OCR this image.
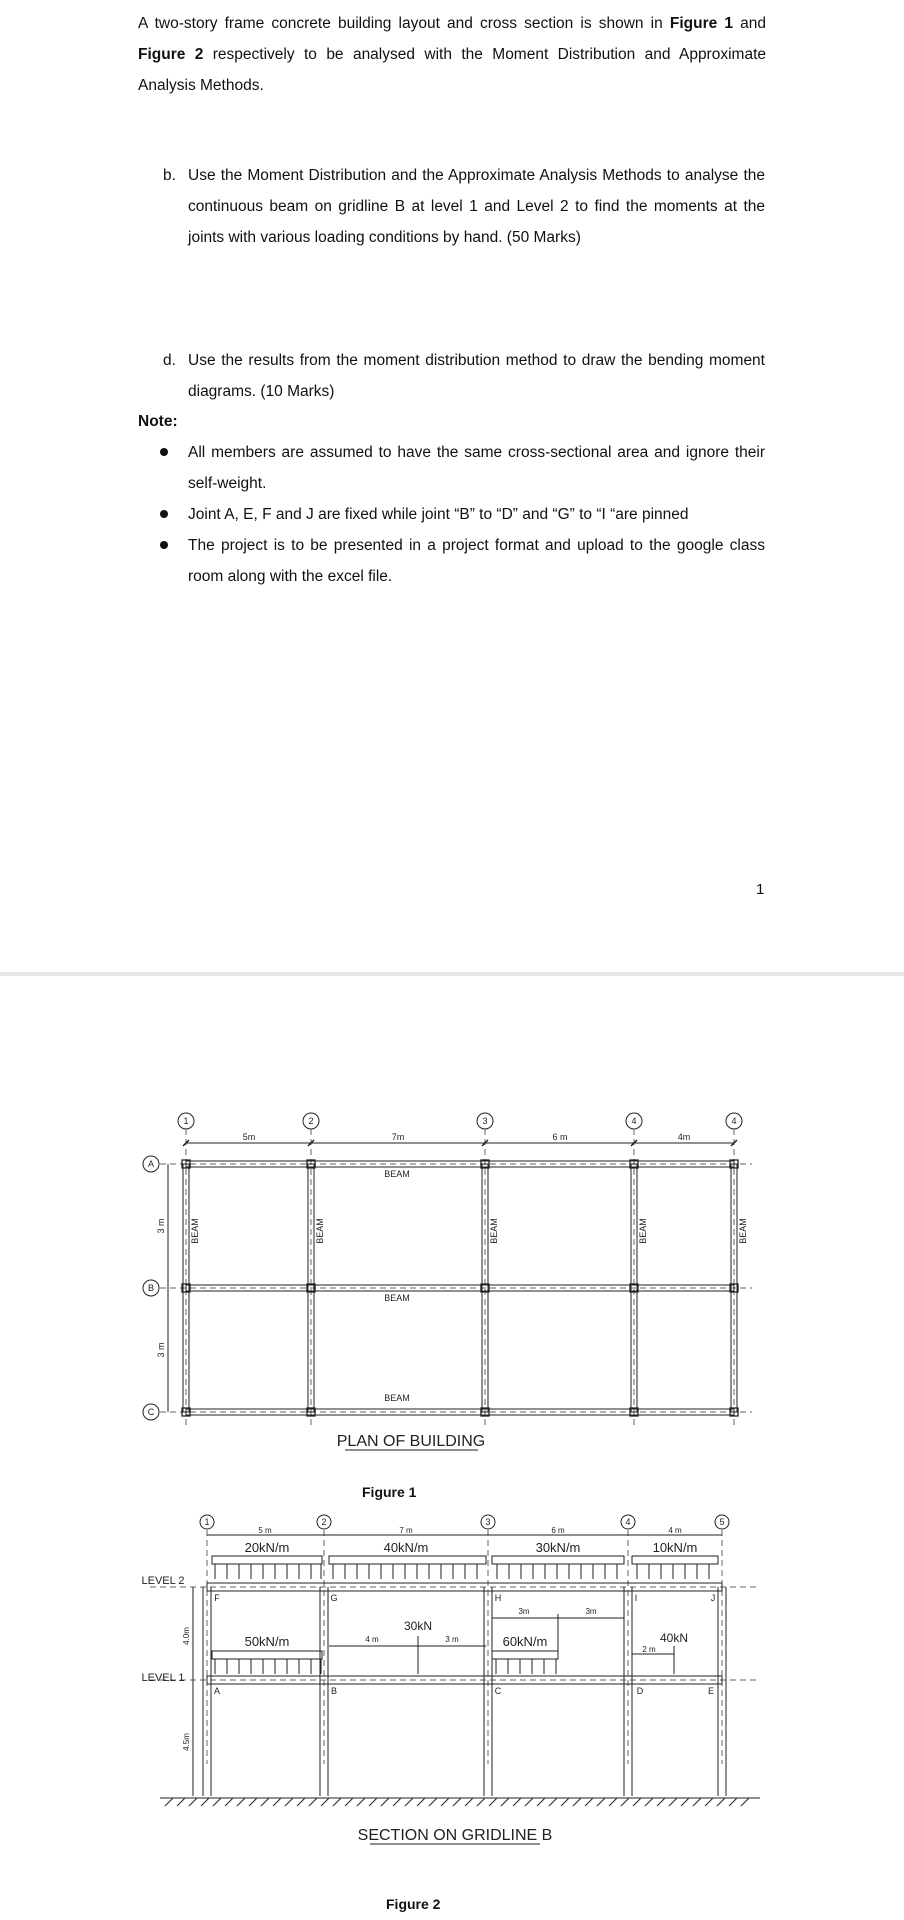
A two-story frame concrete building layout and cross section is shown in Figure 1 and Figure 2 respectively to be analysed with the Moment Distribution and Approximate Analysis Methods.
b. Use the Moment Distribution and the Approximate Analysis Methods to analyse the continuous beam on gridline B at level 1 and Level 2 to find the moments at the joints with various loading conditions by hand. (50 Marks)
d. Use the results from the moment distribution method to draw the bending moment diagrams. (10 Marks)
Note:
All members are assumed to have the same cross-sectional area and ignore their self-weight.
Joint A, E, F and J are fixed while joint “B” to “D” and “G” to “I “are pinned
The project is to be presented in a project format and upload to the google class room along with the excel file.
1
1	2	3	4	4
A
B
C
5m	7m	6 m	4m
3 m
3 m
BEAM
BEAM
BEAM
BEAM	BEAM	BEAM	BEAM	BEAM
PLAN OF BUILDING
Figure 1
1	2	3	4	5
5 m	7 m	6 m	4 m
LEVEL 2
LEVEL 1
4.0m
4.5m
20kN/m	40kN/m	30kN/m	10kN/m
50kN/m
30kN
4 m	3 m	60kN/m
3m	3m
40kN
2 m
F	G	H	I	J
A	B	C	D	E
SECTION ON GRIDLINE B
Figure 2
